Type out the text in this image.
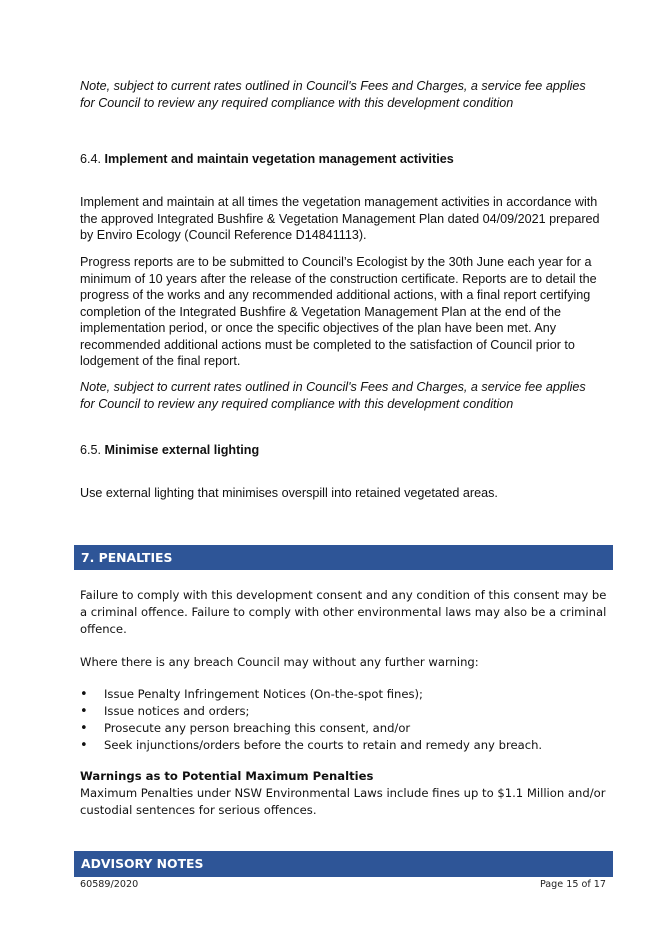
Note, subject to current rates outlined in Council's Fees and Charges, a service fee applies for Council to review any required compliance with this development condition

6.4. Implement and maintain vegetation management activities

Implement and maintain at all times the vegetation management activities in accordance with the approved Integrated Bushfire & Vegetation Management Plan dated 04/09/2021 prepared by Enviro Ecology (Council Reference D14841113).

Progress reports are to be submitted to Council’s Ecologist by the 30th June each year for a minimum of 10 years after the release of the construction certificate. Reports are to detail the progress of the works and any recommended additional actions, with a final report certifying completion of the Integrated Bushfire & Vegetation Management Plan at the end of the implementation period, or once the specific objectives of the plan have been met. Any recommended additional actions must be completed to the satisfaction of Council prior to lodgement of the final report.

Note, subject to current rates outlined in Council's Fees and Charges, a service fee applies for Council to review any required compliance with this development condition

6.5. Minimise external lighting

Use external lighting that minimises overspill into retained vegetated areas.

7. PENALTIES

Failure to comply with this development consent and any condition of this consent may be a criminal offence. Failure to comply with other environmental laws may also be a criminal offence.

Where there is any breach Council may without any further warning:

• Issue Penalty Infringement Notices (On-the-spot fines);
• Issue notices and orders;
• Prosecute any person breaching this consent, and/or
• Seek injunctions/orders before the courts to retain and remedy any breach.

Warnings as to Potential Maximum Penalties

Maximum Penalties under NSW Environmental Laws include fines up to $1.1 Million and/or custodial sentences for serious offences.

ADVISORY NOTES
60589/2020	Page 15 of 17
